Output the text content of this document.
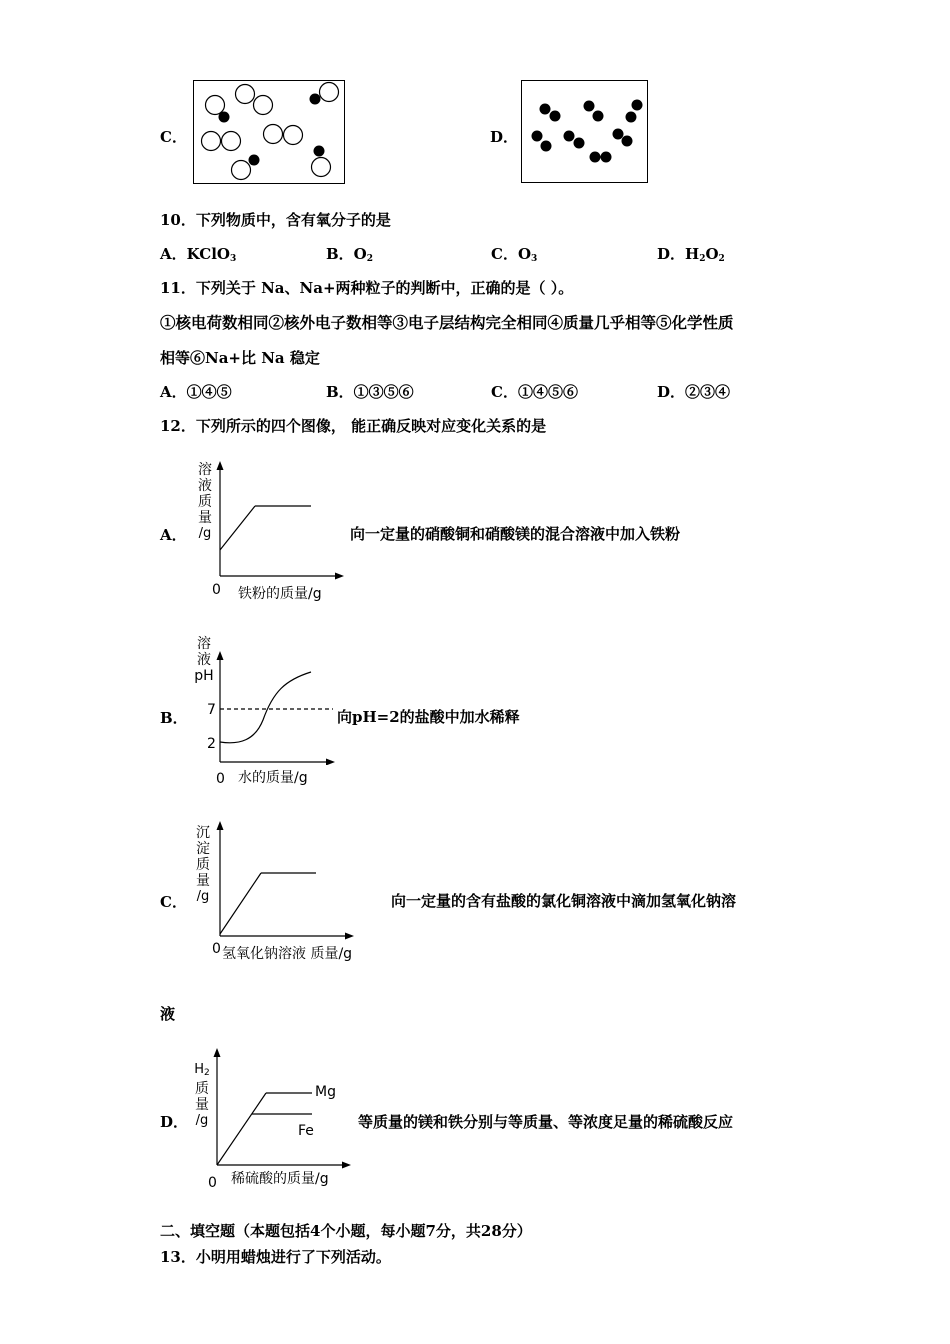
C．	D．
10．下列物质中，含有氧分子的是
A．KClO$_3$	B．$O_2$	C．$O_3$	D．$H_2O_2$
11．下列关于 Na、Na+两种粒子的判断中，正确的是（ ）。
①核电荷数相同②核外电子数相等③电子层结构完全相同④质量几乎相等⑤化学性质
相等⑥Na+比 Na 稳定
A．①④⑤	B．①③⑤⑥	C．①④⑤⑥	D．②③④
12．下列所示的四个图像， 能正确反映对应变化关系的是
A．
溶
液
质
量
/g
0 铁粉的质量/g
向一定量的硝酸铜和硝酸镁的混合溶液中加入铁粉
B．
溶
液
pH
7
2
0 水的质量/g
向pH=2的盐酸中加水稀释
C．
沉
淀
质
量
/g
0 氢氧化钠溶液 质量/g
向一定量的含有盐酸的氯化铜溶液中滴加氢氧化钠溶
液
D．
$H_2$
质
量
/g
Mg
Fe
0 稀硫酸的质量/g
等质量的镁和铁分别与等质量、等浓度足量的稀硫酸反应
二、填空题（本题包括4个小题，每小题7分，共28分）
13．小明用蜡烛进行了下列活动。
